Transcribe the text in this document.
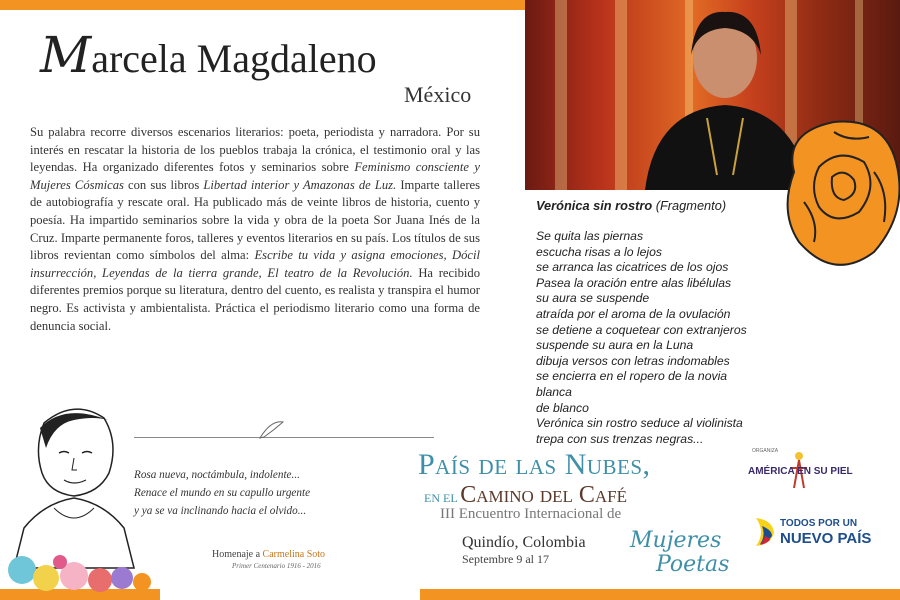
Marcela Magdaleno
México
Su palabra recorre diversos escenarios literarios: poeta, periodista y narradora. Por su interés en rescatar la historia de los pueblos trabaja la crónica, el testimonio oral y las leyendas. Ha organizado diferentes fotos y seminarios sobre Feminismo consciente y Mujeres Cósmicas con sus libros Libertad interior y Amazonas de Luz. Imparte talleres de autobiografía y rescate oral. Ha publicado más de veinte libros de historia, cuento y poesía. Ha impartido seminarios sobre la vida y obra de la poeta Sor Juana Inés de la Cruz. Imparte permanente foros, talleres y eventos literarios en su país. Los títulos de sus libros revientan como símbolos del alma: Escribe tu vida y asigna emociones, Dócil insurrección, Leyendas de la tierra grande, El teatro de la Revolución. Ha recibido diferentes premios porque su literatura, dentro del cuento, es realista y transpira el humor negro. Es activista y ambientalista. Práctica el periodismo literario como una forma de denuncia social.
Rosa nueva, noctámbula, indolente...
Renace el mundo en su capullo urgente
y ya se va inclinando hacia el olvido...
Homenaje a Carmelina Soto
Primer Centenario 1916 - 2016
País de las Nubes,
EN EL Camino del Café
III Encuentro Internacional de
Quindío, Colombia
Septembre 9 al 17
Mujeres
Poetas
Verónica sin rostro (Fragmento)
Se quita las piernas
escucha risas a lo lejos
se arranca las cicatrices de los ojos
Pasea la oración entre alas libélulas
su aura se suspende
atraída por el aroma de la ovulación
se detiene a coquetear con extranjeros
suspende su aura en la Luna
dibuja versos con letras indomables
se encierra en el ropero de la novia
blanca
de blanco
Verónica sin rostro seduce al violinista
trepa con sus trenzas negras...
ORGANIZA
AMÉRICA EN SU PIEL
TODOS POR UN
NUEVO PAÍS
